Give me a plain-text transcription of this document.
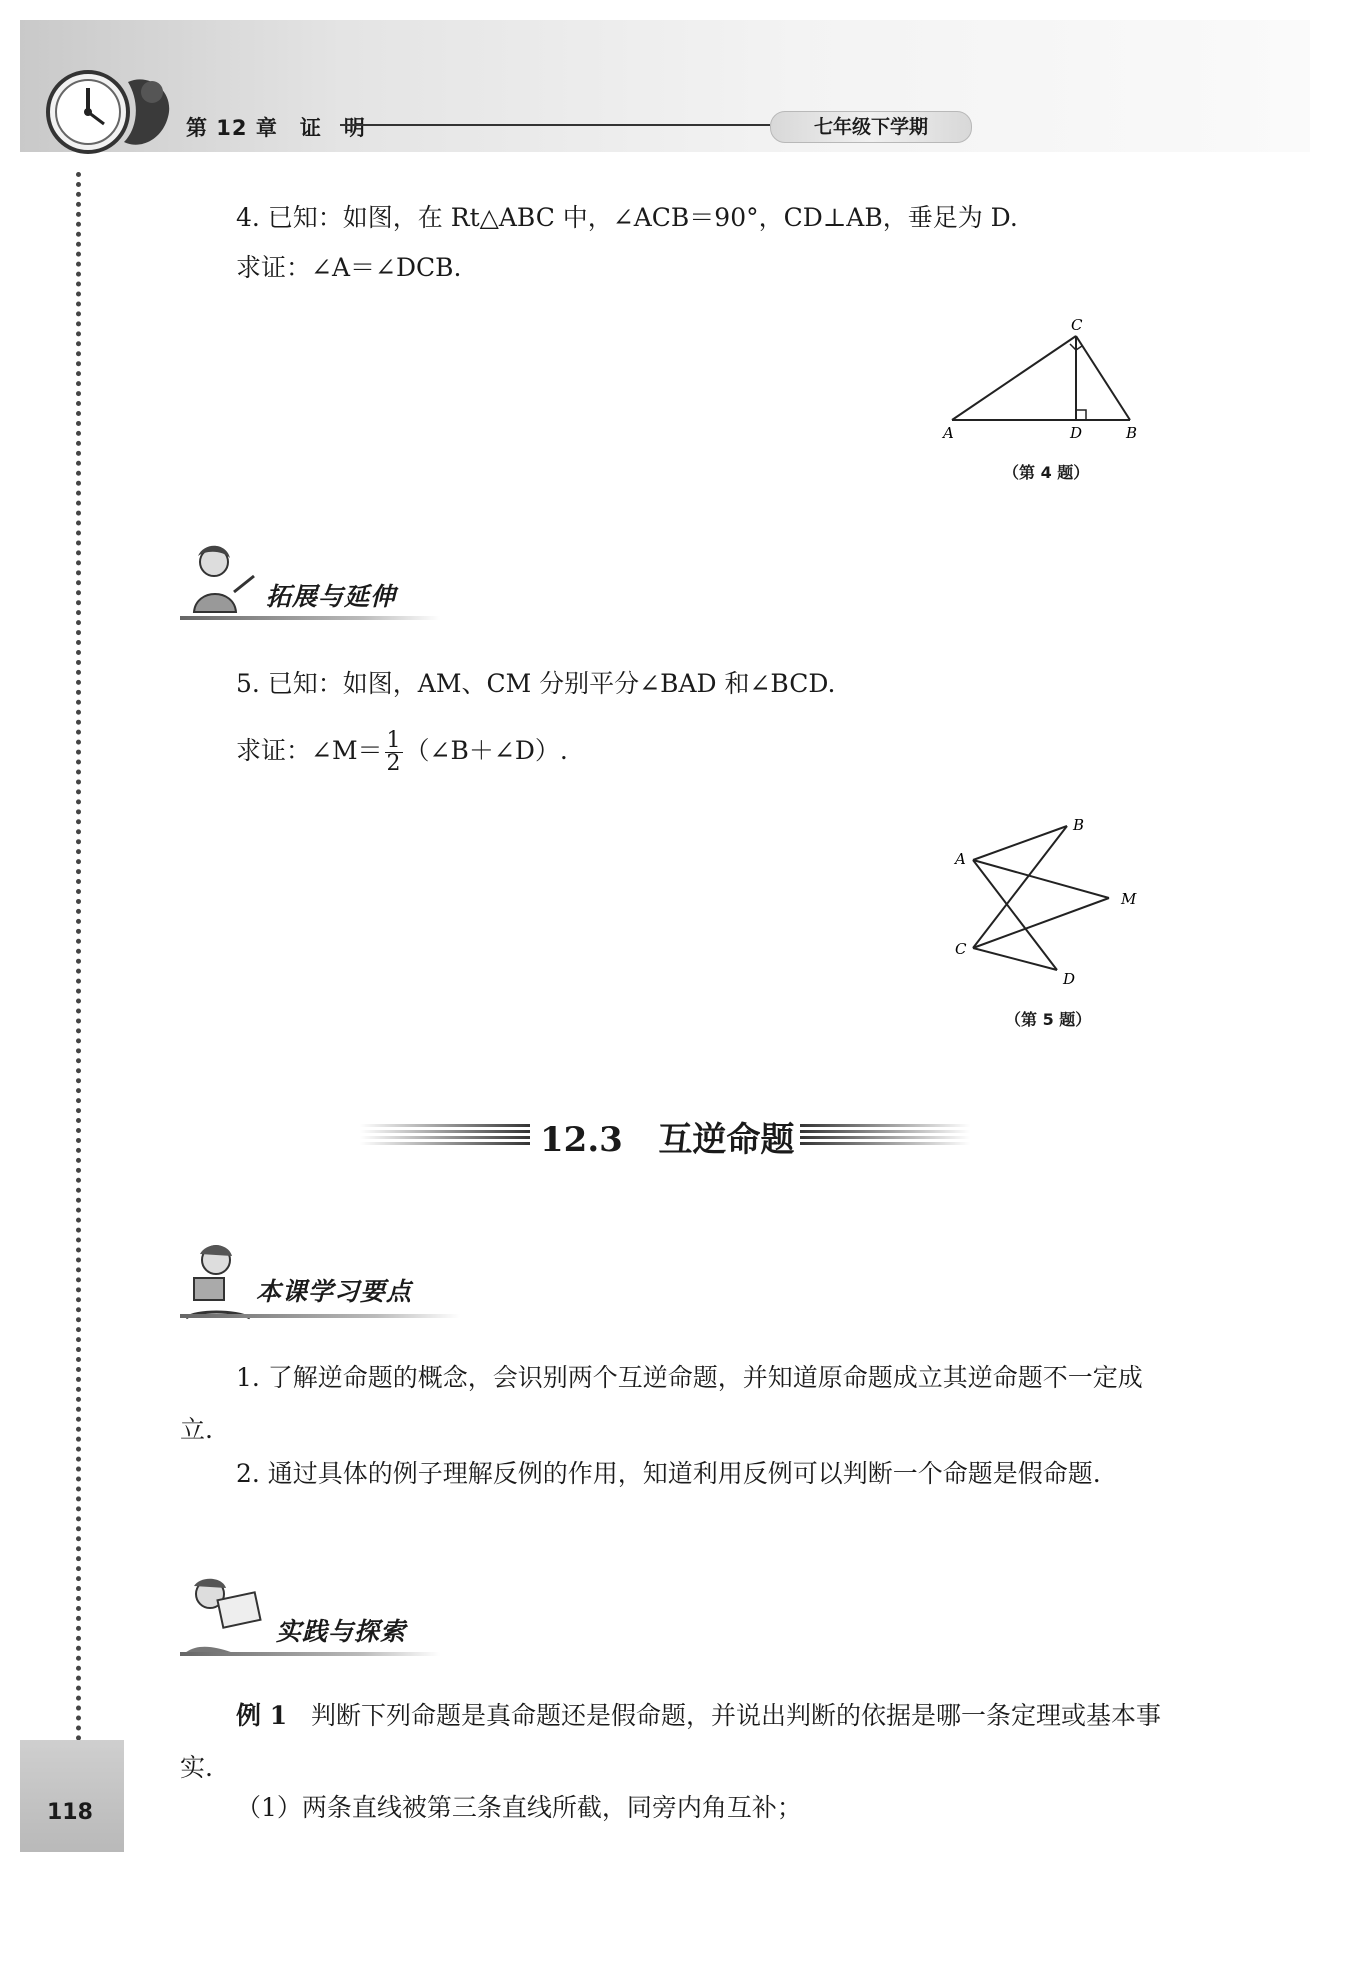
第 12 章　证　明	七年级下学期
118
4. 已知：如图，在 Rt△ABC 中，∠ACB＝90°，CD⊥AB，垂足为 D.
求证：∠A＝∠DCB.
C
A	D	B
（第 4 题）
拓展与延伸
5. 已知：如图，AM、CM 分别平分∠BAD 和∠BCD.
求证：∠M＝ $\frac{1}{2}$ （∠B＋∠D）.
B
A
M
C
D
（第 5 题）
12.3 互逆命题
本课学习要点
1. 了解逆命题的概念，会识别两个互逆命题，并知道原命题成立其逆命题不一定成立.
2. 通过具体的例子理解反例的作用，知道利用反例可以判断一个命题是假命题.
实践与探索
例 1 判断下列命题是真命题还是假命题，并说出判断的依据是哪一条定理或基本事实.
（1）两条直线被第三条直线所截，同旁内角互补；
